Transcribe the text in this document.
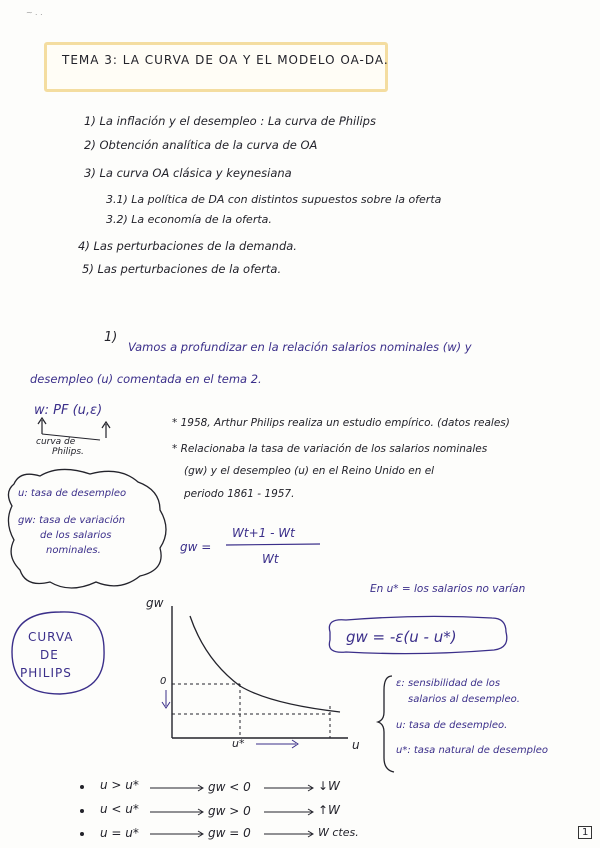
~ . .
TEMA 3: LA CURVA DE OA Y EL MODELO OA-DA.
1) La inflación y el desempleo : La curva de Philips
2) Obtención analítica de la curva de OA
3) La curva OA clásica y keynesiana
3.1) La política de DA con distintos supuestos sobre la oferta
3.2) La economía de la oferta.
4) Las perturbaciones de la demanda.
5) Las perturbaciones de la oferta.
1)
Vamos a profundizar en la relación salarios nominales (w) y
desempleo (u) comentada en el tema 2.
w: PF (u,ε)
curva de
Philips.
* 1958, Arthur Philips realiza un estudio empírico. (datos reales)
* Relacionaba la tasa de variación de los salarios nominales
(gw) y el desempleo (u) en el Reino Unido en el
periodo 1861 - 1957.
u: tasa de desempleo
gw: tasa de variación
de los salarios
nominales.	gw =
Wt+1 - Wt
Wt
En u* = los salarios no varían
gw
0
u
u*
CURVA
DE
PHILIPS
gw = -ε(u - u*)
ε: sensibilidad de los
salarios al desempleo.
u: tasa de desempleo.
u*: tasa natural de desempleo
u > u*	gw < 0	↓W
u < u*	gw > 0	↑W
u = u*	gw = 0	W ctes.	1
